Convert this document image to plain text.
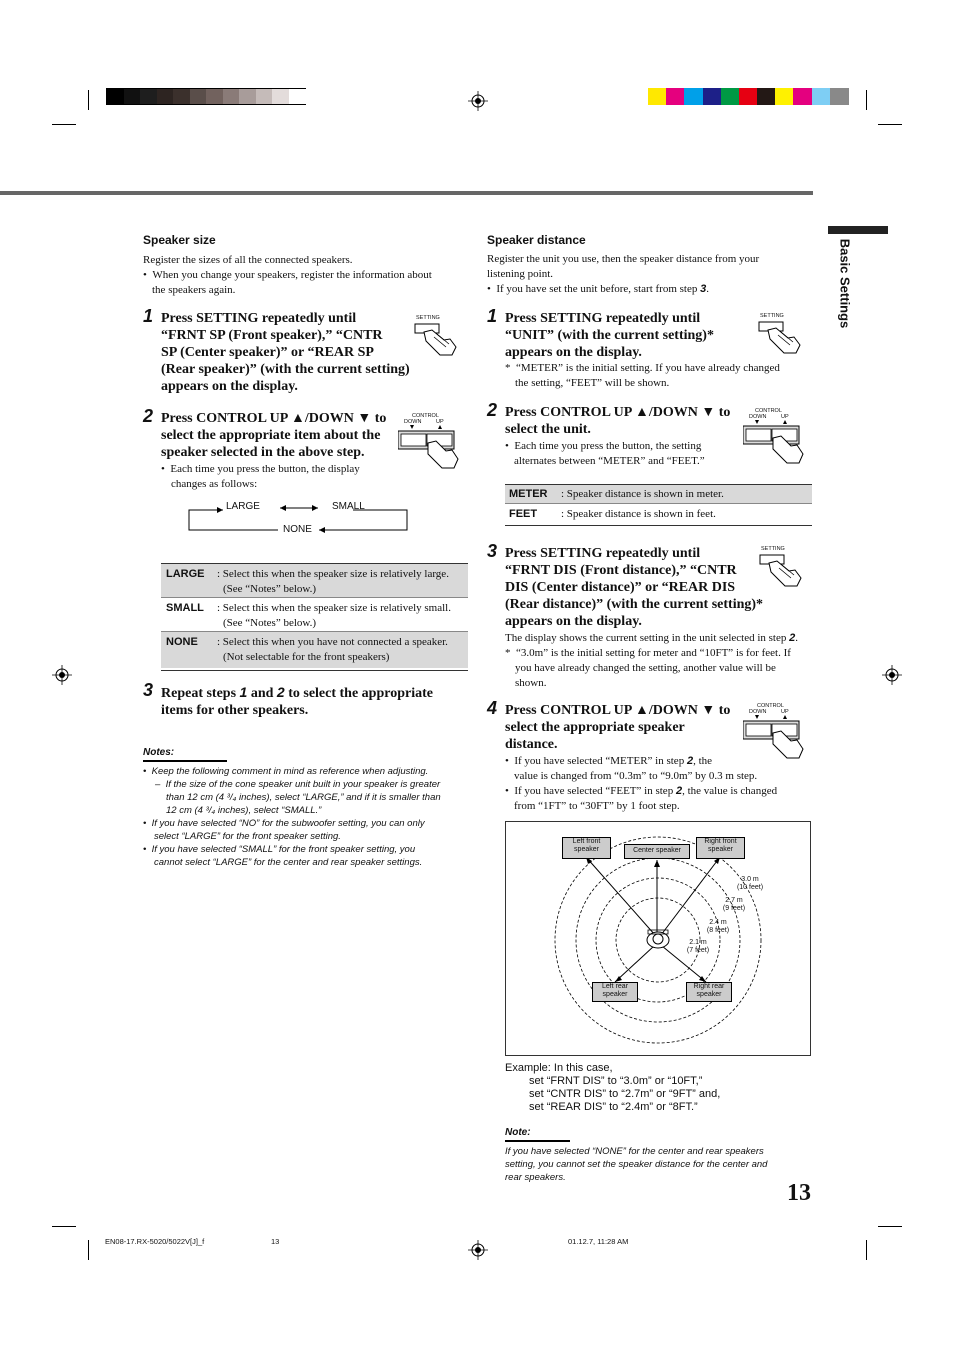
Basic Settings
Speaker size
Register the sizes of all the connected speakers.
•  When you change your speakers, register the information about
the speakers again.
1 Press SETTING repeatedly until
“FRNT SP (Front speaker),” “CNTR
SP (Center speaker)” or “REAR SP
(Rear speaker)” (with the current setting)
appears on the display.
SETTING
2 Press CONTROL UP ▲/DOWN ▼ to
select the appropriate item about the
speaker selected in the above step.
CONTROL
DOWN	UP
•  Each time you press the button, the display
changes as follows:
LARGE	SMALL
NONE
LARGE : Select this when the speaker size is relatively large.
(See “Notes” below.)
SMALL : Select this when the speaker size is relatively small.
(See “Notes” below.)
NONE : Select this when you have not connected a speaker.
(Not selectable for the front speakers)
3 Repeat steps 1 and 2 to select the appropriate
items for other speakers.
Notes:
•  Keep the following comment in mind as reference when adjusting.
–  If the size of the cone speaker unit built in your speaker is greater
than 12 cm (4 ³/₄ inches), select “LARGE,” and if it is smaller than
12 cm (4 ³/₄ inches), select “SMALL.”
•  If you have selected “NO” for the subwoofer setting, you can only
select “LARGE” for the front speaker setting.
•  If you have selected “SMALL” for the front speaker setting, you
cannot select “LARGE” for the center and rear speaker settings.
Speaker distance
Register the unit you use, then the speaker distance from your
listening point.
•  If you have set the unit before, start from step 3.
1 Press SETTING repeatedly until
“UNIT” (with the current setting)*
appears on the display.
SETTING
*  “METER” is the initial setting. If you have already changed
the setting, “FEET” will be shown.
2 Press CONTROL UP ▲/DOWN ▼ to
select the unit.
CONTROL
DOWN	UP
•  Each time you press the button, the setting
alternates between “METER” and “FEET.”
METER : Speaker distance is shown in meter.
FEET : Speaker distance is shown in feet.
3 Press SETTING repeatedly until
“FRNT DIS (Front distance),” “CNTR
DIS (Center distance)” or “REAR DIS
(Rear distance)” (with the current setting)*
appears on the display.
SETTING
The display shows the current setting in the unit selected in step 2.
*  “3.0m” is the initial setting for meter and “10FT” is for feet. If
you have already changed the setting, another value will be
shown.
4 Press CONTROL UP ▲/DOWN ▼ to
select the appropriate speaker
distance.
CONTROL
DOWN	UP
•  If you have selected “METER” in step 2, the
value is changed from “0.3m” to “9.0m” by 0.3 m step.
•  If you have selected “FEET” in step 2, the value is changed
from “1FT” to “30FT” by 1 foot step.
Left front speaker	Center speaker
Right front speaker
Left rear speaker
Right rear speaker
3.0 m
(10 feet)
2.7 m
(9 feet)
2.4 m
(8 feet)
2.1 m
(7 feet)
Example: In this case,
set “FRNT DIS” to “3.0m” or “10FT,”
set “CNTR DIS” to “2.7m” or “9FT” and,
set “REAR DIS” to “2.4m” or “8FT.”
Note:
If you have selected “NONE” for the center and rear speakers
setting, you cannot set the speaker distance for the center and
rear speakers.
13
EN08-17.RX-5020/5022V[J]_f	13	01.12.7, 11:28 AM
